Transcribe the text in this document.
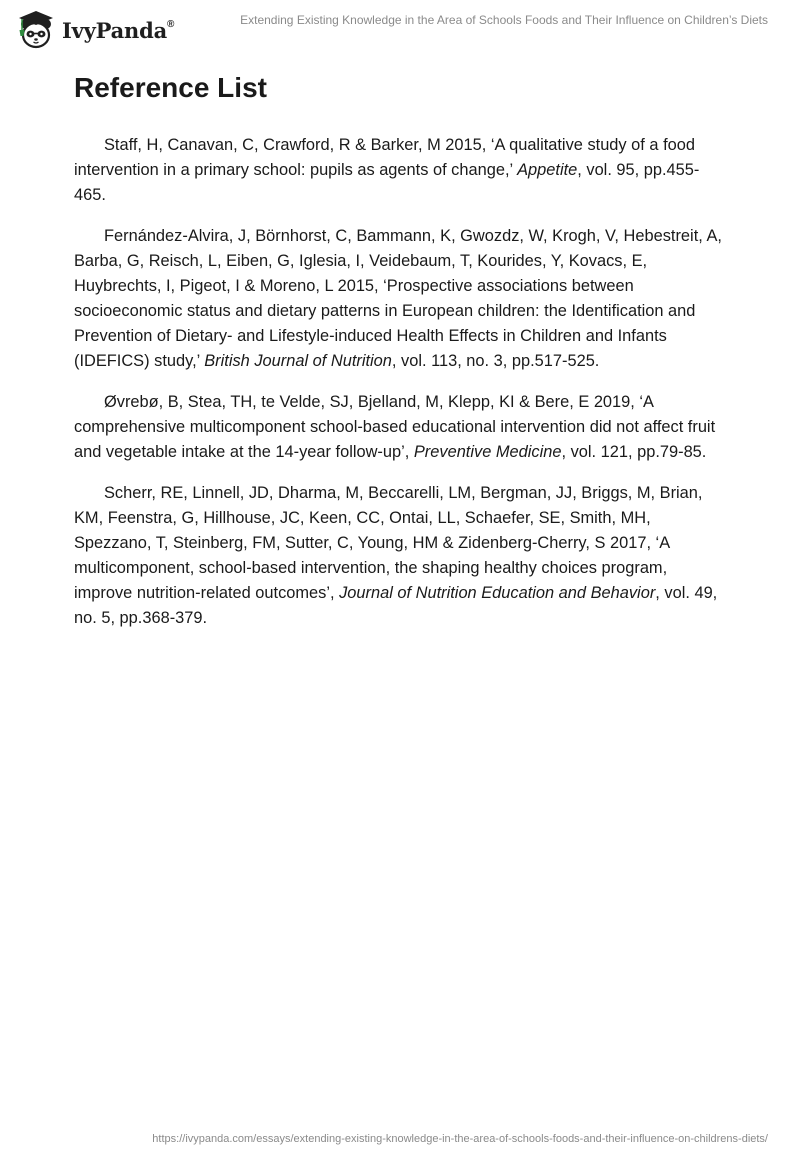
IvyPanda®	Extending Existing Knowledge in the Area of Schools Foods and Their Influence on Children’s Diets
Reference List

Staff, H, Canavan, C, Crawford, R & Barker, M 2015, ‘A qualitative study of a food intervention in a primary school: pupils as agents of change,’ Appetite, vol. 95, pp.455-465.

Fernández-Alvira, J, Börnhorst, C, Bammann, K, Gwozdz, W, Krogh, V, Hebestreit, A, Barba, G, Reisch, L, Eiben, G, Iglesia, I, Veidebaum, T, Kourides, Y, Kovacs, E, Huybrechts, I, Pigeot, I & Moreno, L 2015, ‘Prospective associations between socioeconomic status and dietary patterns in European children: the Identification and Prevention of Dietary- and Lifestyle-induced Health Effects in Children and Infants (IDEFICS) study,’ British Journal of Nutrition, vol. 113, no. 3, pp.517-525.

Øvrebø, B, Stea, TH, te Velde, SJ, Bjelland, M, Klepp, KI & Bere, E 2019, ‘A comprehensive multicomponent school-based educational intervention did not affect fruit and vegetable intake at the 14-year follow-up’, Preventive Medicine, vol. 121, pp.79-85.

Scherr, RE, Linnell, JD, Dharma, M, Beccarelli, LM, Bergman, JJ, Briggs, M, Brian, KM, Feenstra, G, Hillhouse, JC, Keen, CC, Ontai, LL, Schaefer, SE, Smith, MH, Spezzano, T, Steinberg, FM, Sutter, C, Young, HM & Zidenberg-Cherry, S 2017, ‘A multicomponent, school-based intervention, the shaping healthy choices program, improve nutrition-related outcomes’, Journal of Nutrition Education and Behavior, vol. 49, no. 5, pp.368-379.

https://ivypanda.com/essays/extending-existing-knowledge-in-the-area-of-schools-foods-and-their-influence-on-childrens-diets/
